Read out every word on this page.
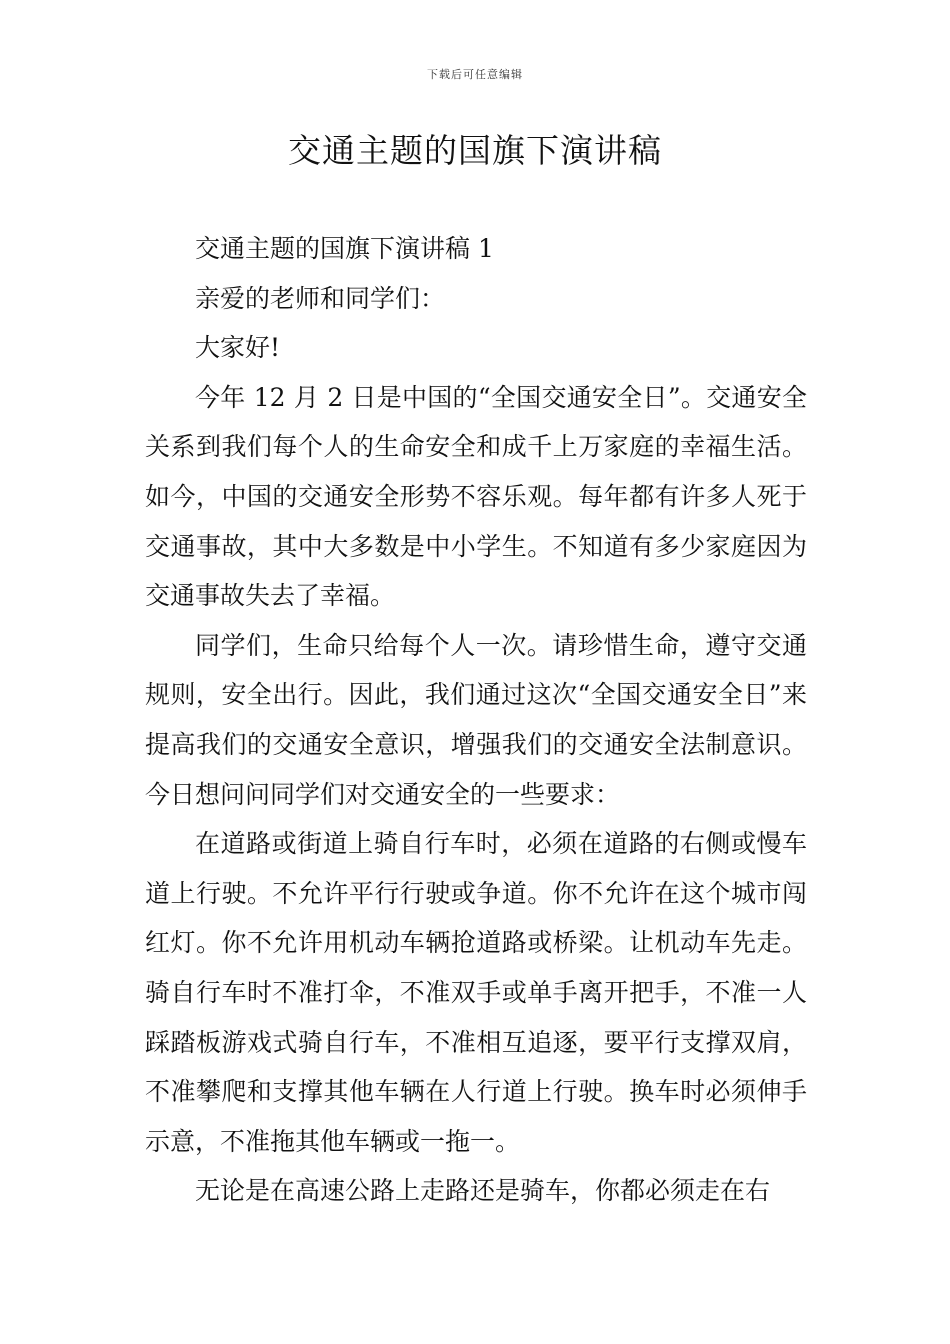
下载后可任意编辑
交通主题的国旗下演讲稿

交通主题的国旗下演讲稿 1

亲爱的老师和同学们：

大家好!

今年 12 月 2 日是中国的“全国交通安全日”。交通安全关系到我们每个人的生命安全和成千上万家庭的幸福生活。如今，中国的交通安全形势不容乐观。每年都有许多人死于交通事故，其中大多数是中小学生。不知道有多少家庭因为交通事故失去了幸福。

同学们，生命只给每个人一次。请珍惜生命，遵守交通规则，安全出行。因此，我们通过这次“全国交通安全日”来提高我们的交通安全意识，增强我们的交通安全法制意识。今日想问问同学们对交通安全的一些要求：

在道路或街道上骑自行车时，必须在道路的右侧或慢车道上行驶。不允许平行行驶或争道。你不允许在这个城市闯红灯。你不允许用机动车辆抢道路或桥梁。让机动车先走。骑自行车时不准打伞，不准双手或单手离开把手，不准一人踩踏板游戏式骑自行车，不准相互追逐，要平行支撑双肩，不准攀爬和支撑其他车辆在人行道上行驶。换车时必须伸手示意，不准拖其他车辆或一拖一。

无论是在高速公路上走路还是骑车，你都必须走在右
